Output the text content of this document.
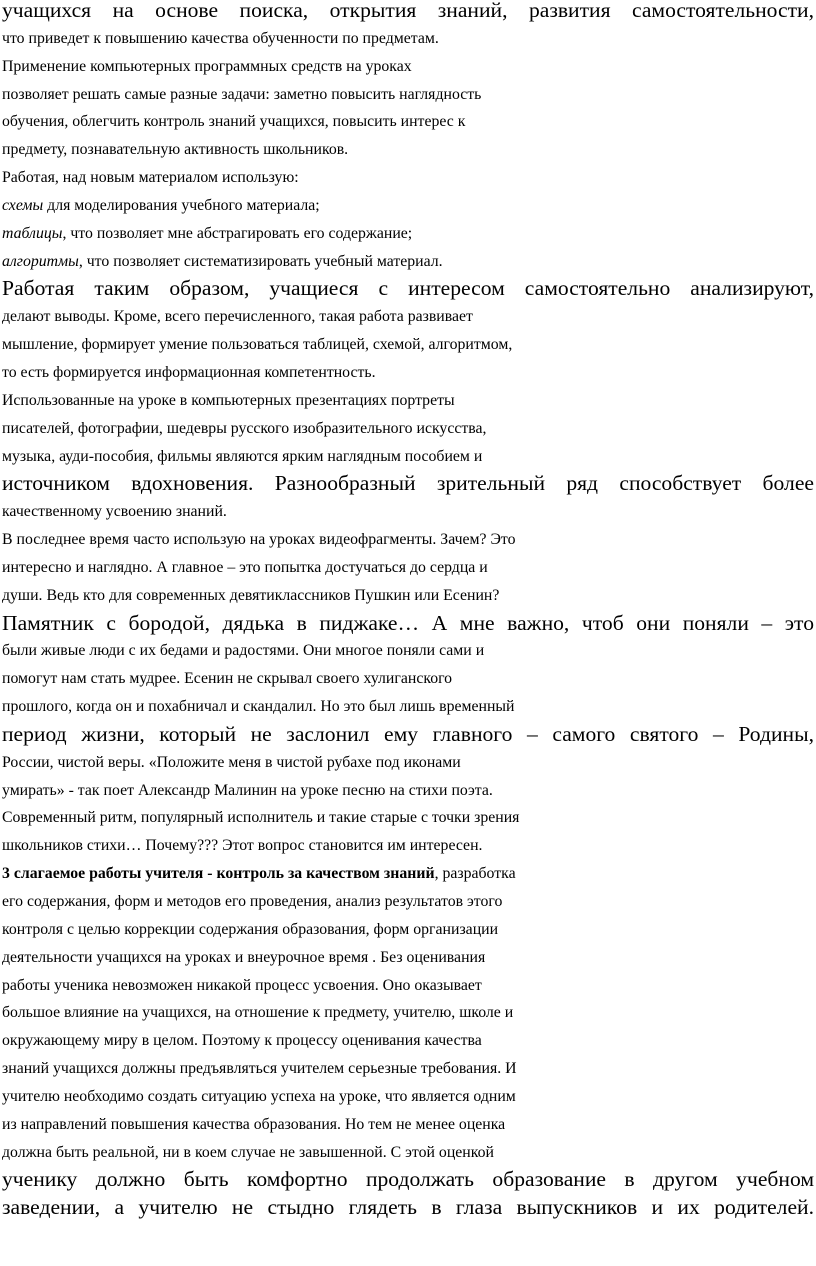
учащихся на основе поиска, открытия знаний, развития самостоятельности,
что приведет к повышению качества обученности по предметам.
Применение компьютерных программных средств на уроках
позволяет решать самые разные задачи: заметно повысить наглядность
обучения, облегчить контроль знаний учащихся, повысить интерес к
предмету, познавательную активность школьников.
Работая, над новым материалом использую:
схемы для моделирования учебного материала;
таблицы, что позволяет мне абстрагировать его содержание;
алгоритмы, что позволяет систематизировать учебный материал.
Работая таким образом, учащиеся с интересом самостоятельно анализируют,
делают выводы. Кроме, всего перечисленного, такая работа развивает
мышление, формирует умение пользоваться таблицей, схемой, алгоритмом,
то есть формируется информационная компетентность.
Использованные на уроке в компьютерных презентациях портреты
писателей, фотографии, шедевры русского изобразительного искусства,
музыка, ауди-пособия, фильмы являются ярким наглядным пособием и
источником вдохновения. Разнообразный зрительный ряд способствует более
качественному усвоению знаний.
В последнее время часто использую на уроках видеофрагменты. Зачем? Это
интересно и наглядно. А главное – это попытка достучаться до сердца и
души. Ведь кто для современных девятиклассников Пушкин или Есенин?
Памятник с бородой, дядька в пиджаке… А мне важно, чтоб они поняли – это
были живые люди с их бедами и радостями. Они многое поняли сами и
помогут нам стать мудрее. Есенин не скрывал своего хулиганского
прошлого, когда он и похабничал и скандалил. Но это был лишь временный
период жизни, который не заслонил ему главного – самого святого – Родины,
России, чистой веры. «Положите меня в чистой рубахе под иконами
умирать» - так поет Александр Малинин на уроке песню на стихи поэта.
Современный ритм, популярный исполнитель и такие старые с точки зрения
школьников стихи… Почему??? Этот вопрос становится им интересен.
3 слагаемое работы учителя - контроль за качеством знаний, разработка
его содержания, форм и методов его проведения, анализ результатов этого
контроля с целью коррекции содержания образования, форм организации
деятельности учащихся на уроках и внеурочное время . Без оценивания
работы ученика невозможен никакой процесс усвоения. Оно оказывает
большое влияние на учащихся, на отношение к предмету, учителю, школе и
окружающему миру в целом. Поэтому к процессу оценивания качества
знаний учащихся должны предъявляться учителем серьезные требования. И
учителю необходимо создать ситуацию успеха на уроке, что является одним
из направлений повышения качества образования. Но тем не менее оценка
должна быть реальной, ни в коем случае не завышенной. С этой оценкой
ученику должно быть комфортно продолжать образование в другом учебном
заведении, а учителю не стыдно глядеть в глаза выпускников и их родителей.
